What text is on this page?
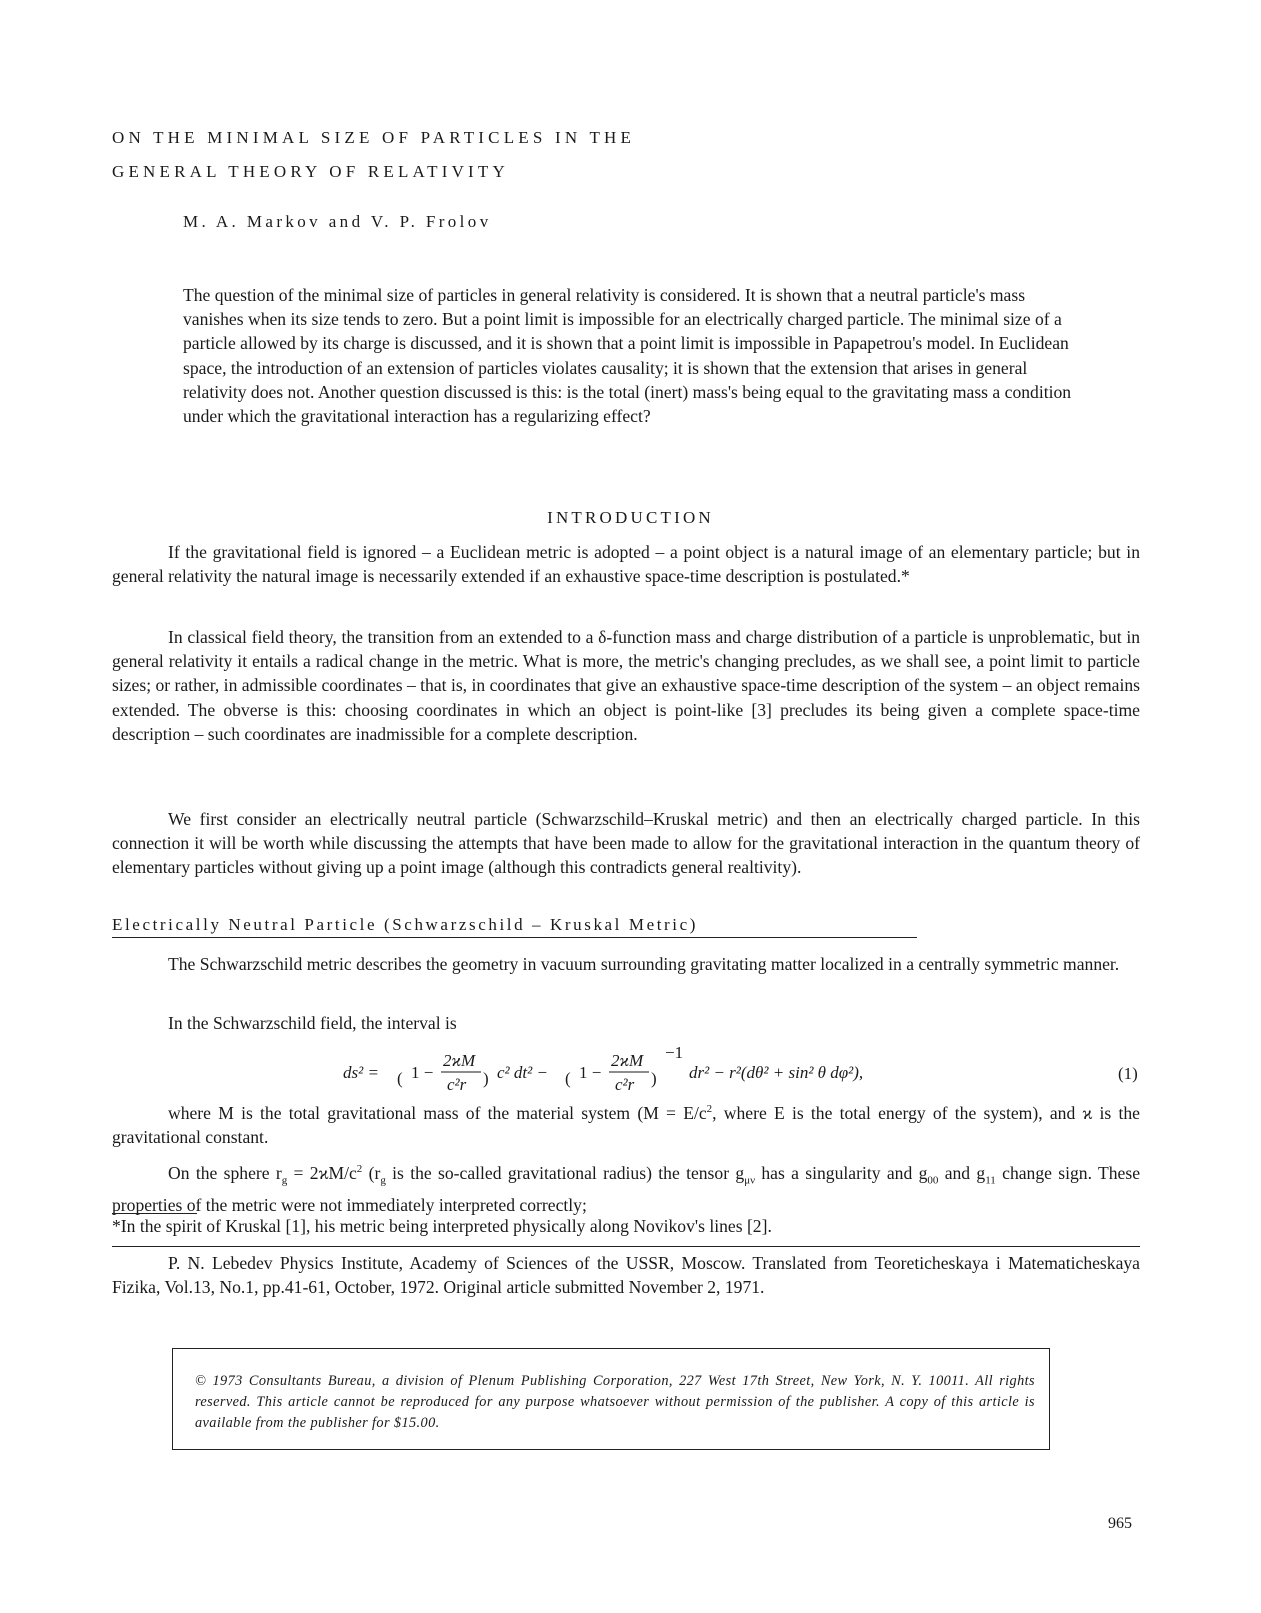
ON THE MINIMAL SIZE OF PARTICLES IN THE
GENERAL THEORY OF RELATIVITY
M. A. Markov and V. P. Frolov
The question of the minimal size of particles in general relativity is considered. It is shown that a neutral particle's mass vanishes when its size tends to zero. But a point limit is impossible for an electrically charged particle. The minimal size of a particle allowed by its charge is discussed, and it is shown that a point limit is impossible in Papapetrou's model. In Euclidean space, the introduction of an extension of particles violates causality; it is shown that the extension that arises in general relativity does not. Another question discussed is this: is the total (inert) mass's being equal to the gravitating mass a condition under which the gravitational interaction has a regularizing effect?
INTRODUCTION

If the gravitational field is ignored – a Euclidean metric is adopted – a point object is a natural image of an elementary particle; but in general relativity the natural image is necessarily extended if an exhaustive space-time description is postulated.*

In classical field theory, the transition from an extended to a δ-function mass and charge distribution of a particle is unproblematic, but in general relativity it entails a radical change in the metric. What is more, the metric's changing precludes, as we shall see, a point limit to particle sizes; or rather, in admissible coordinates – that is, in coordinates that give an exhaustive space-time description of the system – an object remains extended. The obverse is this: choosing coordinates in which an object is point-like [3] precludes its being given a complete space-time description – such coordinates are inadmissible for a complete description.

We first consider an electrically neutral particle (Schwarzschild–Kruskal metric) and then an electrically charged particle. In this connection it will be worth while discussing the attempts that have been made to allow for the gravitational interaction in the quantum theory of elementary particles without giving up a point image (although this contradicts general realtivity).

Electrically Neutral Particle (Schwarzschild – Kruskal Metric)

The Schwarzschild metric describes the geometry in vacuum surrounding gravitating matter localized in a centrally symmetric manner.

In the Schwarzschild field, the interval is

ds² = ( 1 −
2ϰM
c²r ) c² dt² − ( 1 −
2ϰM
c²r )
−1
dr² − r²(dθ² + sin² θ dφ²),	(1)

where M is the total gravitational mass of the material system ($M = E/c^2$, where E is the total energy of the system), and ϰ is the gravitational constant.

On the sphere $r_g = 2ϰM/c^2$ ($r_g$ is the so-called gravitational radius) the tensor $g_{\mu\nu}$ has a singularity and $g_{00}$ and $g_{11}$ change sign. These properties of the metric were not immediately interpreted correctly;

*In the spirit of Kruskal [1], his metric being interpreted physically along Novikov's lines [2].

P. N. Lebedev Physics Institute, Academy of Sciences of the USSR, Moscow. Translated from Teoreticheskaya i Matematicheskaya Fizika, Vol.13, No.1, pp.41-61, October, 1972. Original article submitted November 2, 1971.

© 1973 Consultants Bureau, a division of Plenum Publishing Corporation, 227 West 17th Street, New York, N. Y. 10011. All rights reserved. This article cannot be reproduced for any purpose whatsoever without permission of the publisher. A copy of this article is available from the publisher for $15.00.
965
